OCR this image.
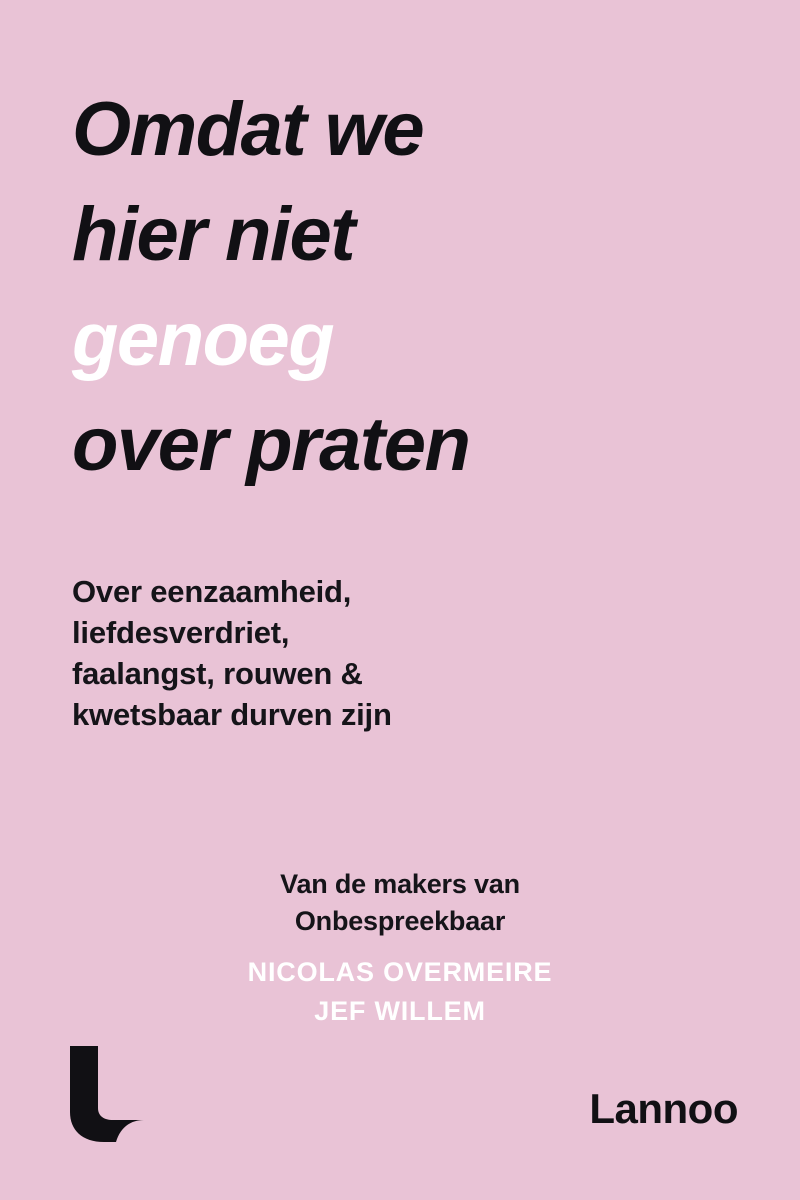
Omdat we
hier niet
genoeg
over praten
Over eenzaamheid,
liefdesverdriet,
faalangst, rouwen &
kwetsbaar durven zijn
Van de makers van
Onbespreekbaar
NICOLAS OVERMEIRE
JEF WILLEM
Lannoo
